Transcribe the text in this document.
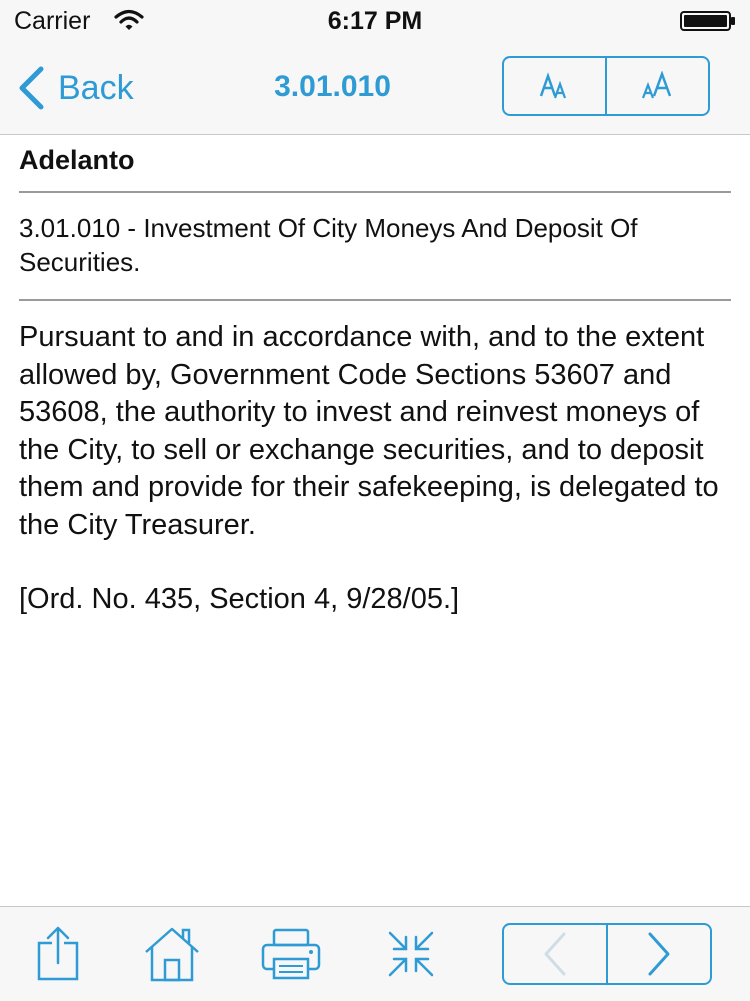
Carrier	6:17 PM
Back	3.01.010
Adelanto
3.01.010 - Investment Of City Moneys And Deposit Of Securities.
Pursuant to and in accordance with, and to the extent allowed by, Government Code Sections 53607 and 53608, the authority to invest and reinvest moneys of the City, to sell or exchange securities, and to deposit them and provide for their safekeeping, is delegated to the City Treasurer.
[Ord. No. 435, Section 4, 9/28/05.]
